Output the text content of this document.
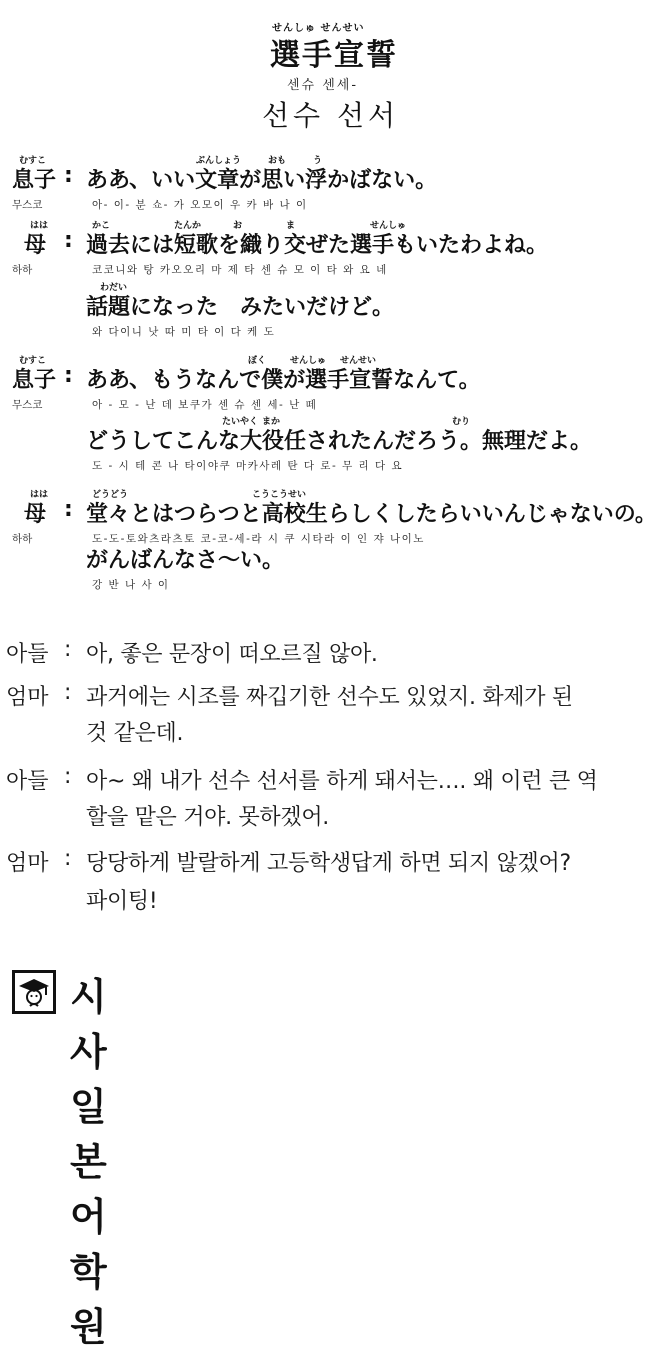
せんしゅ せんせい
選手宣誓
센슈 센세-
선수 선서
むすこ
息子 :
무스코
ぶんしょう	おも	う
ああ、いい文章が思い浮かばない。
아- 이- 분 쇼- 가 오모이 우 카 바 나 이
はは
母 :
하하
かこ	たんか	お	ま	せんしゅ
過去には短歌を織り交ぜた選手もいたわよね。
코코니와 탕 카오오리 마 제 타 센 슈 모 이 타 와 요 네
わだい
話題になった　みたいだけど。
와 다이니 낫 따 미 타 이 다 케 도
むすこ
息子 :
무스코
ぼく	せんしゅ せんせい
ああ、もうなんで僕が選手宣誓なんて。
아 - 모 - 난 데 보쿠가 센 슈 센 세- 난 떼
たいやく まか	むり
どうしてこんな大役任されたんだろう。無理だよ。
도 - 시 테 콘 나 타이야쿠 마카사레 탄 다 로- 무 리 다 요
はは
母 :
하하
どうどう	こうこうせい
堂々とはつらつと高校生らしくしたらいいんじゃないの。
도-도-토와츠라츠토 코-코-세-라 시 쿠 시타라 이 인 쟈 나이노
がんばんなさ～い。
강 반 나 사 이
아들 : 아, 좋은 문장이 떠오르질 않아.
엄마 : 과거에는 시조를 짜깁기한 선수도 있었지. 화제가 된
것 같은데.
아들 : 아~ 왜 내가 선수 선서를 하게 돼서는…. 왜 이런 큰 역
할을 맡은 거야. 못하겠어.
엄마 : 당당하게 발랄하게 고등학생답게 하면 되지 않겠어?
파이팅!
시사일본어학원
